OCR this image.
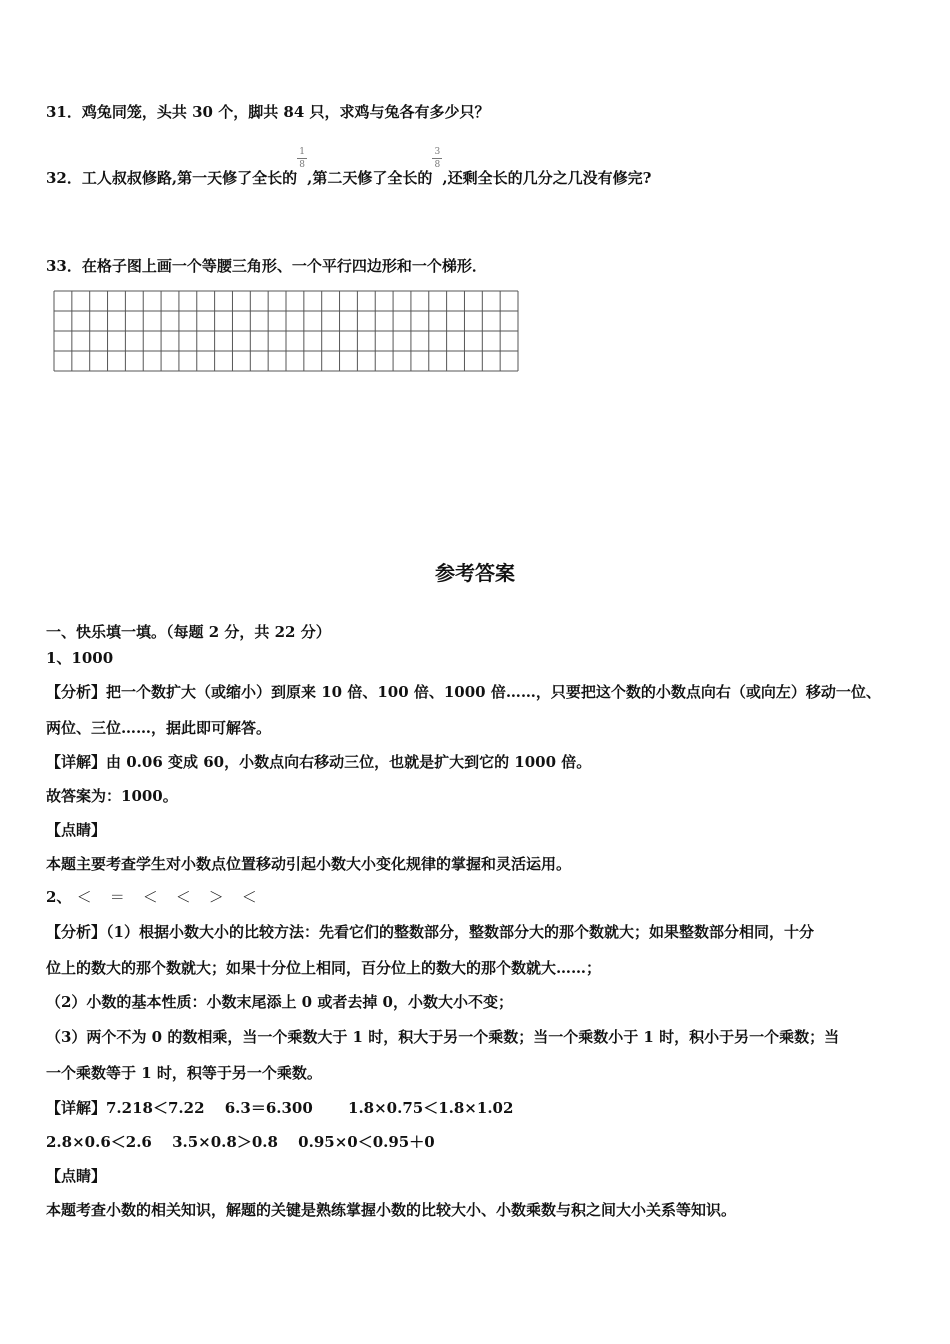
31．鸡兔同笼，头共 30 个，脚共 84 只，求鸡与兔各有多少只？
32．工人叔叔修路,第一天修了全长的
1
8
,第二天修了全长的
3
8
,还剩全长的几分之几没有修完?
33．在格子图上画一个等腰三角形、一个平行四边形和一个梯形．
参考答案
一、快乐填一填。（每题 2 分，共 22 分）
1、1000
【分析】把一个数扩大（或缩小）到原来 10 倍、100 倍、1000 倍……，只要把这个数的小数点向右（或向左）移动一位、
两位、三位……，据此即可解答。
【详解】由 0.06 变成 60，小数点向右移动三位，也就是扩大到它的 1000 倍。
故答案为：1000。
【点睛】
本题主要考查学生对小数点位置移动引起小数大小变化规律的掌握和灵活运用。
2、 ＜ ＝ ＜ ＜ ＞ ＜
【分析】（1）根据小数大小的比较方法：先看它们的整数部分，整数部分大的那个数就大；如果整数部分相同，十分
位上的数大的那个数就大；如果十分位上相同，百分位上的数大的那个数就大……；
（2）小数的基本性质：小数末尾添上 0 或者去掉 0，小数大小不变；
（3）两个不为 0 的数相乘，当一个乘数大于 1 时，积大于另一个乘数；当一个乘数小于 1 时，积小于另一个乘数；当
一个乘数等于 1 时，积等于另一个乘数。
【详解】7.218＜7.22　 6.3＝6.300　　 1.8×0.75＜1.8×1.02
2.8×0.6＜2.6　 3.5×0.8＞0.8　 0.95×0＜0.95＋0
【点睛】
本题考查小数的相关知识，解题的关键是熟练掌握小数的比较大小、小数乘数与积之间大小关系等知识。
